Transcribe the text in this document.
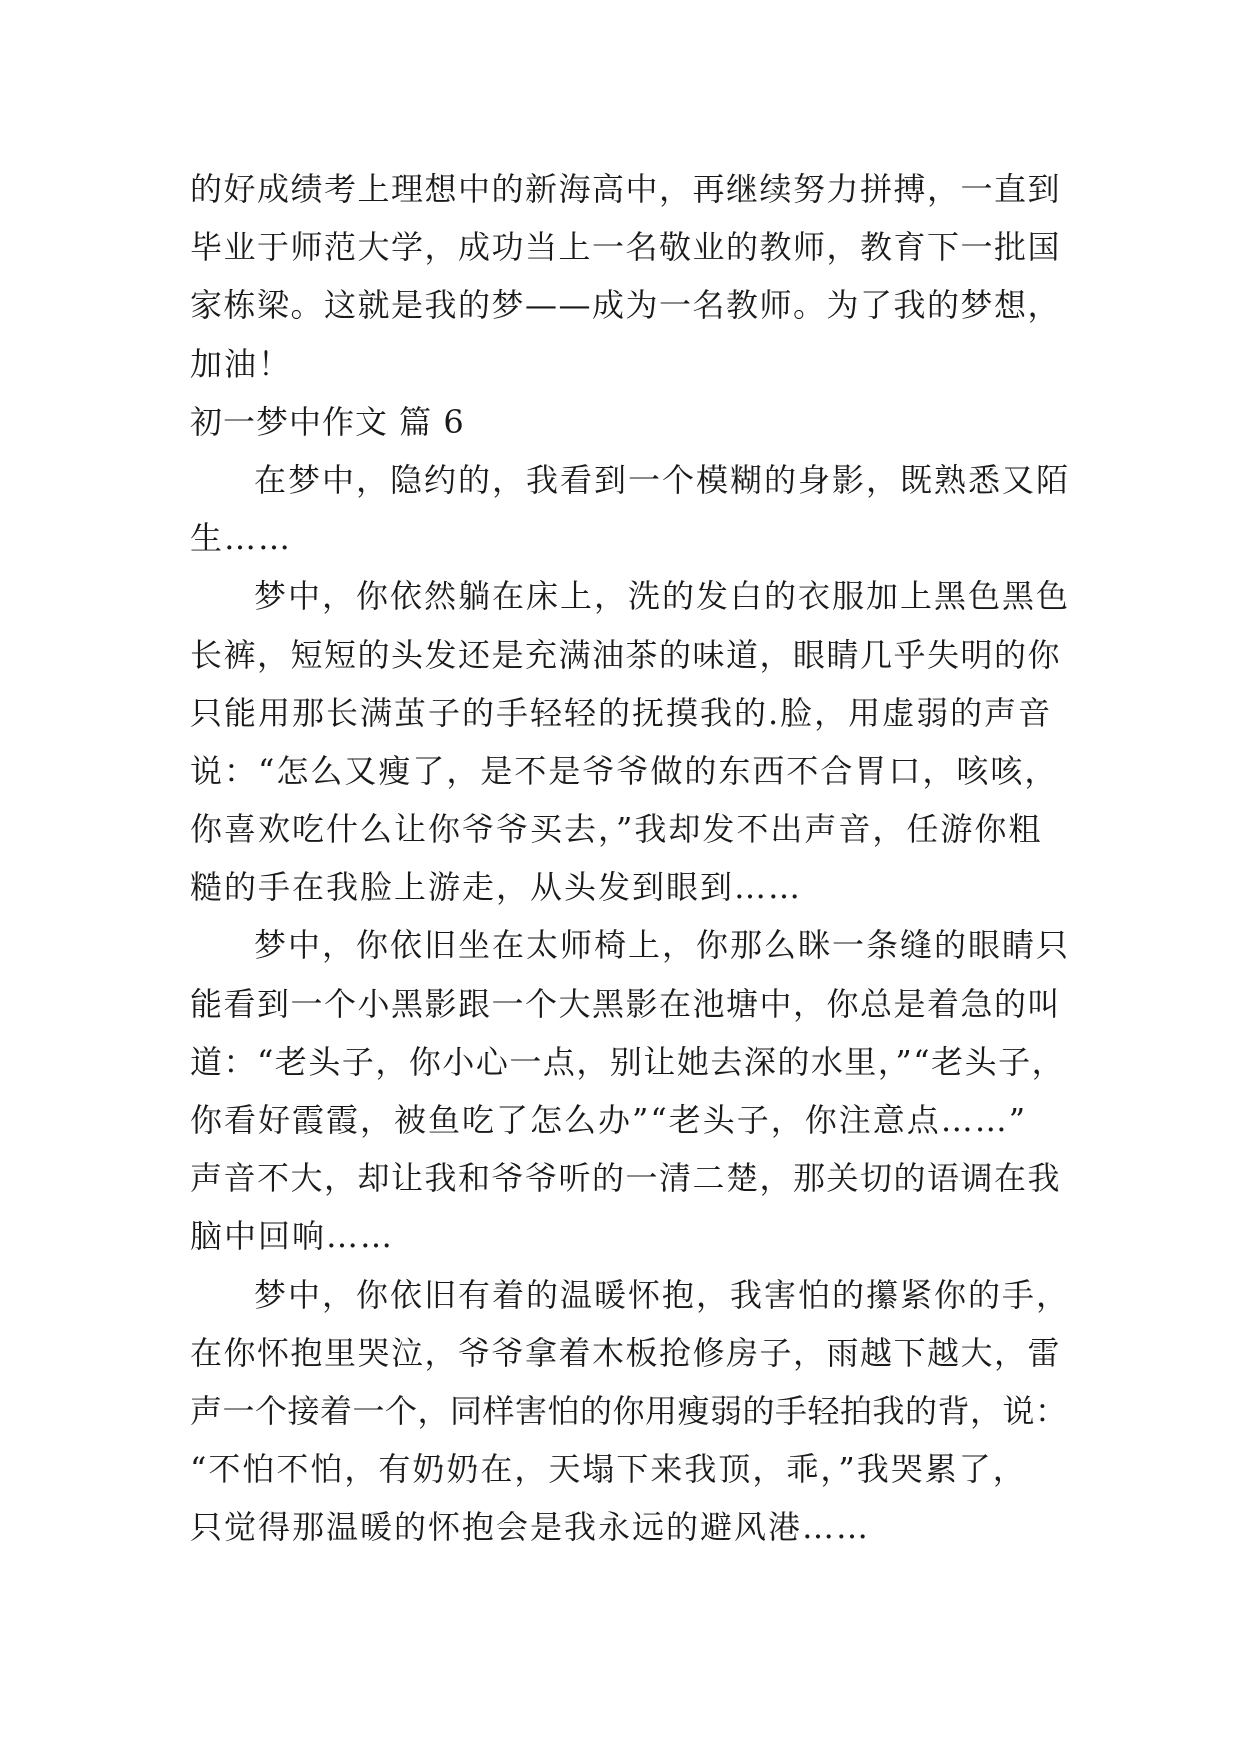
的好成绩考上理想中的新海高中，再继续努力拼搏，一直到
毕业于师范大学，成功当上一名敬业的教师，教育下一批国
家栋梁。这就是我的梦——成为一名教师。为了我的梦想，
加油！
初一梦中作文 篇 6
在梦中，隐约的，我看到一个模糊的身影，既熟悉又陌
生……
梦中，你依然躺在床上，洗的发白的衣服加上黑色黑色
长裤，短短的头发还是充满油茶的味道，眼睛几乎失明的你
只能用那长满茧子的手轻轻的抚摸我的.脸，用虚弱的声音
说：“怎么又瘦了，是不是爷爷做的东西不合胃口，咳咳，
你喜欢吃什么让你爷爷买去，”我却发不出声音，任游你粗
糙的手在我脸上游走，从头发到眼到……
梦中，你依旧坐在太师椅上，你那么眯一条缝的眼睛只
能看到一个小黑影跟一个大黑影在池塘中，你总是着急的叫
道：“老头子，你小心一点，别让她去深的水里，”“老头子，
你看好霞霞，被鱼吃了怎么办”“老头子，你注意点……”
声音不大，却让我和爷爷听的一清二楚，那关切的语调在我
脑中回响……
梦中，你依旧有着的温暖怀抱，我害怕的攥紧你的手，
在你怀抱里哭泣，爷爷拿着木板抢修房子，雨越下越大，雷
声一个接着一个，同样害怕的你用瘦弱的手轻拍我的背，说：
“不怕不怕，有奶奶在，天塌下来我顶，乖，”我哭累了，
只觉得那温暖的怀抱会是我永远的避风港……
